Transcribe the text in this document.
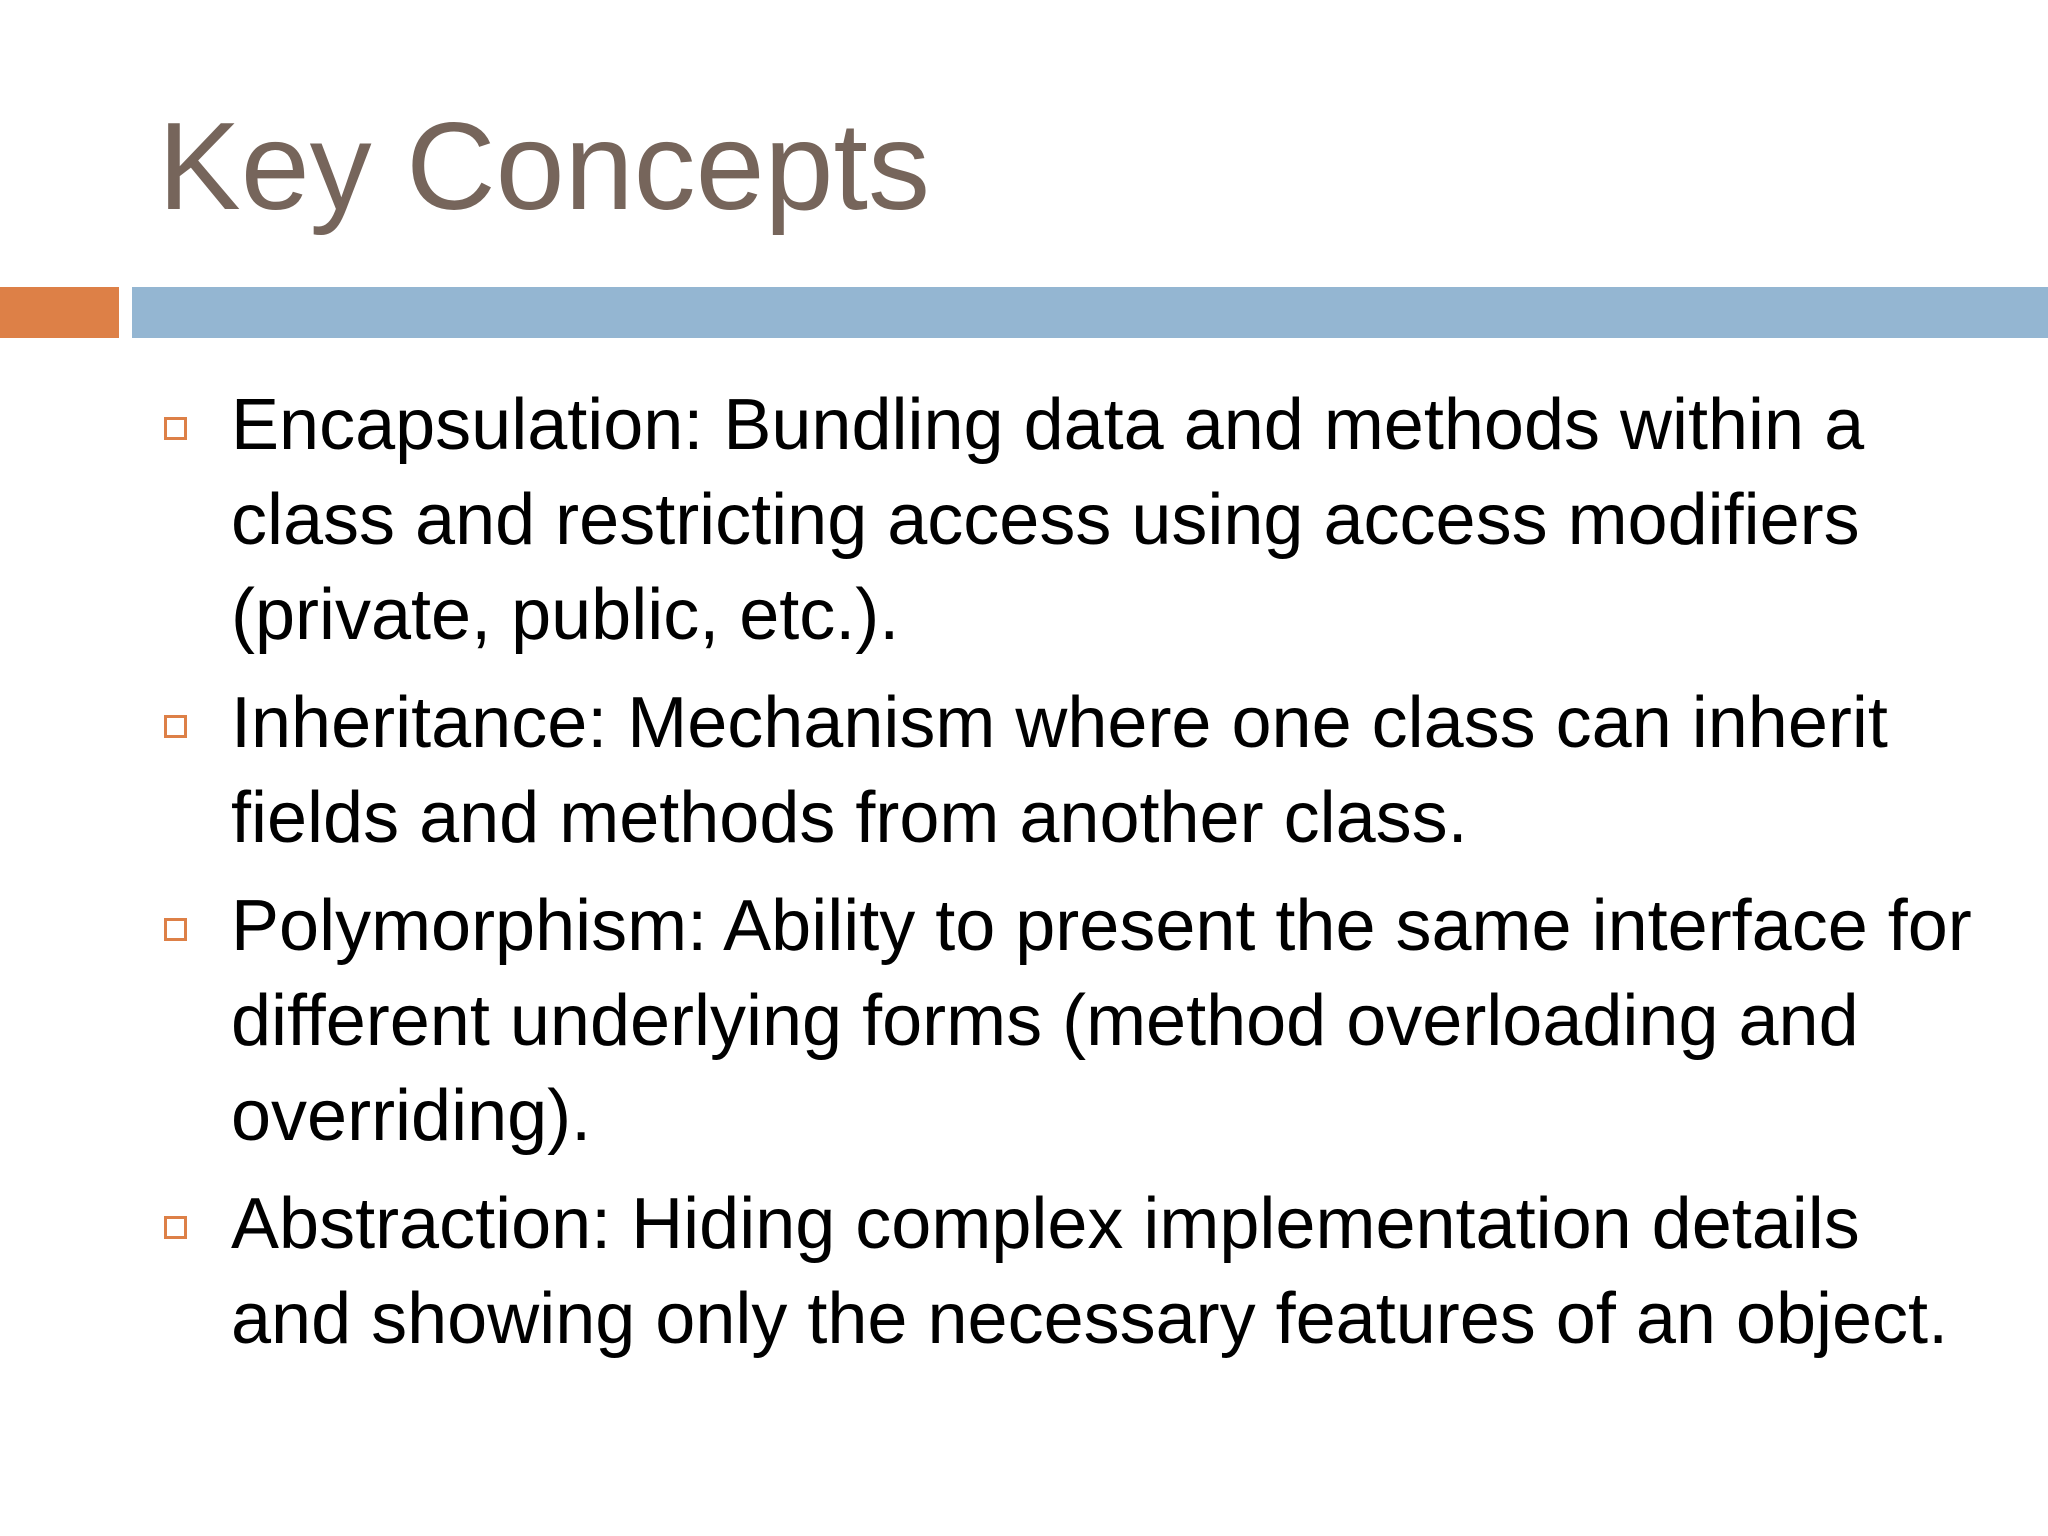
Key Concepts
Encapsulation: Bundling data and methods within a class and restricting access using access modifiers (private, public, etc.).
Inheritance: Mechanism where one class can inherit fields and methods from another class.
Polymorphism: Ability to present the same interface for different underlying forms (method overloading and overriding).
Abstraction: Hiding complex implementation details and showing only the necessary features of an object.
